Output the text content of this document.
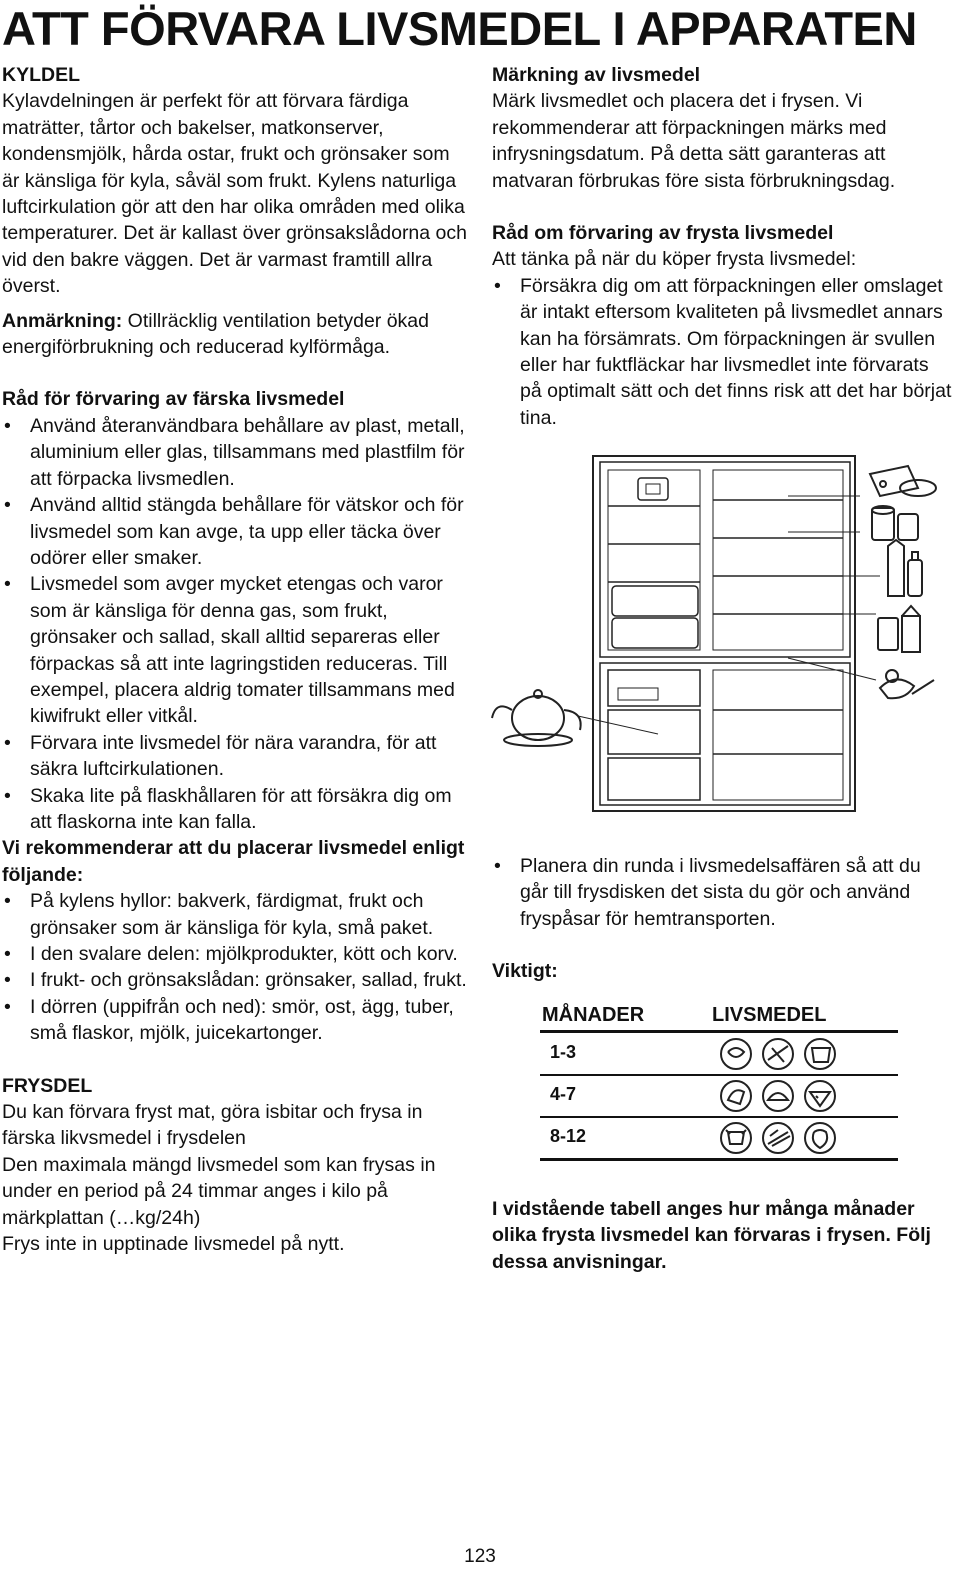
ATT FÖRVARA LIVSMEDEL I APPARATEN

KYLDEL

Kylavdelningen är perfekt för att förvara färdiga maträtter, tårtor och bakelser, matkonserver, kondensmjölk, hårda ostar, frukt och grönsaker som är känsliga för kyla, såväl som frukt. Kylens naturliga luftcirkulation gör att den har olika områden med olika temperaturer. Det är kallast över grönsakslådorna och vid den bakre väggen. Det är varmast framtill allra överst.

Anmärkning: Otillräcklig ventilation betyder ökad energiförbrukning och reducerad kylförmåga.

Råd för förvaring av färska livsmedel

• Använd återanvändbara behållare av plast, metall, aluminium eller glas, tillsammans med plastfilm för att förpacka livsmedlen.
• Använd alltid stängda behållare för vätskor och för livsmedel som kan avge, ta upp eller täcka över odörer eller smaker.
• Livsmedel som avger mycket etengas och varor som är känsliga för denna gas, som frukt, grönsaker och sallad, skall alltid separeras eller förpackas så att inte lagringstiden reduceras. Till exempel, placera aldrig tomater tillsammans med kiwifrukt eller vitkål.
• Förvara inte livsmedel för nära varandra, för att säkra luftcirkulationen.
• Skaka lite på flaskhållaren för att försäkra dig om att flaskorna inte kan falla.

Vi rekommenderar att du placerar livsmedel enligt följande:

• På kylens hyllor: bakverk, färdigmat, frukt och grönsaker som är känsliga för kyla, små paket.
• I den svalare delen: mjölkprodukter, kött och korv.
• I frukt- och grönsakslådan: grönsaker, sallad, frukt.
• I dörren (uppifrån och ned): smör, ost, ägg, tuber, små flaskor, mjölk, juicekartonger.

FRYSDEL

Du kan förvara fryst mat, göra isbitar och frysa in färska likvsmedel i frysdelen

Den maximala mängd livsmedel som kan frysas in under en period på 24 timmar anges i kilo på märkplattan (…kg/24h)

Frys inte in upptinade livsmedel på nytt.

Märkning av livsmedel

Märk livsmedlet och placera det i frysen. Vi rekommenderar att förpackningen märks med infrysningsdatum. På detta sätt garanteras att matvaran förbrukas före sista förbrukningsdag.

Råd om förvaring av frysta livsmedel

Att tänka på när du köper frysta livsmedel:

• Försäkra dig om att förpackningen eller omslaget är intakt eftersom kvaliteten på livsmedlet annars kan ha försämrats. Om förpackningen är svullen eller har fuktfläckar har livsmedlet inte förvarats på optimalt sätt och det finns risk att det har börjat tina.
• Planera din runda i livsmedelsaffären så att du går till frysdisken det sista du gör och använd fryspåsar för hemtransporten.
Viktigt:
MÅNADER	LIVSMEDEL
1-3
4-7
8-12
I vidstående tabell anges hur många månader olika frysta livsmedel kan förvaras i frysen. Följ dessa anvisningar.
123
